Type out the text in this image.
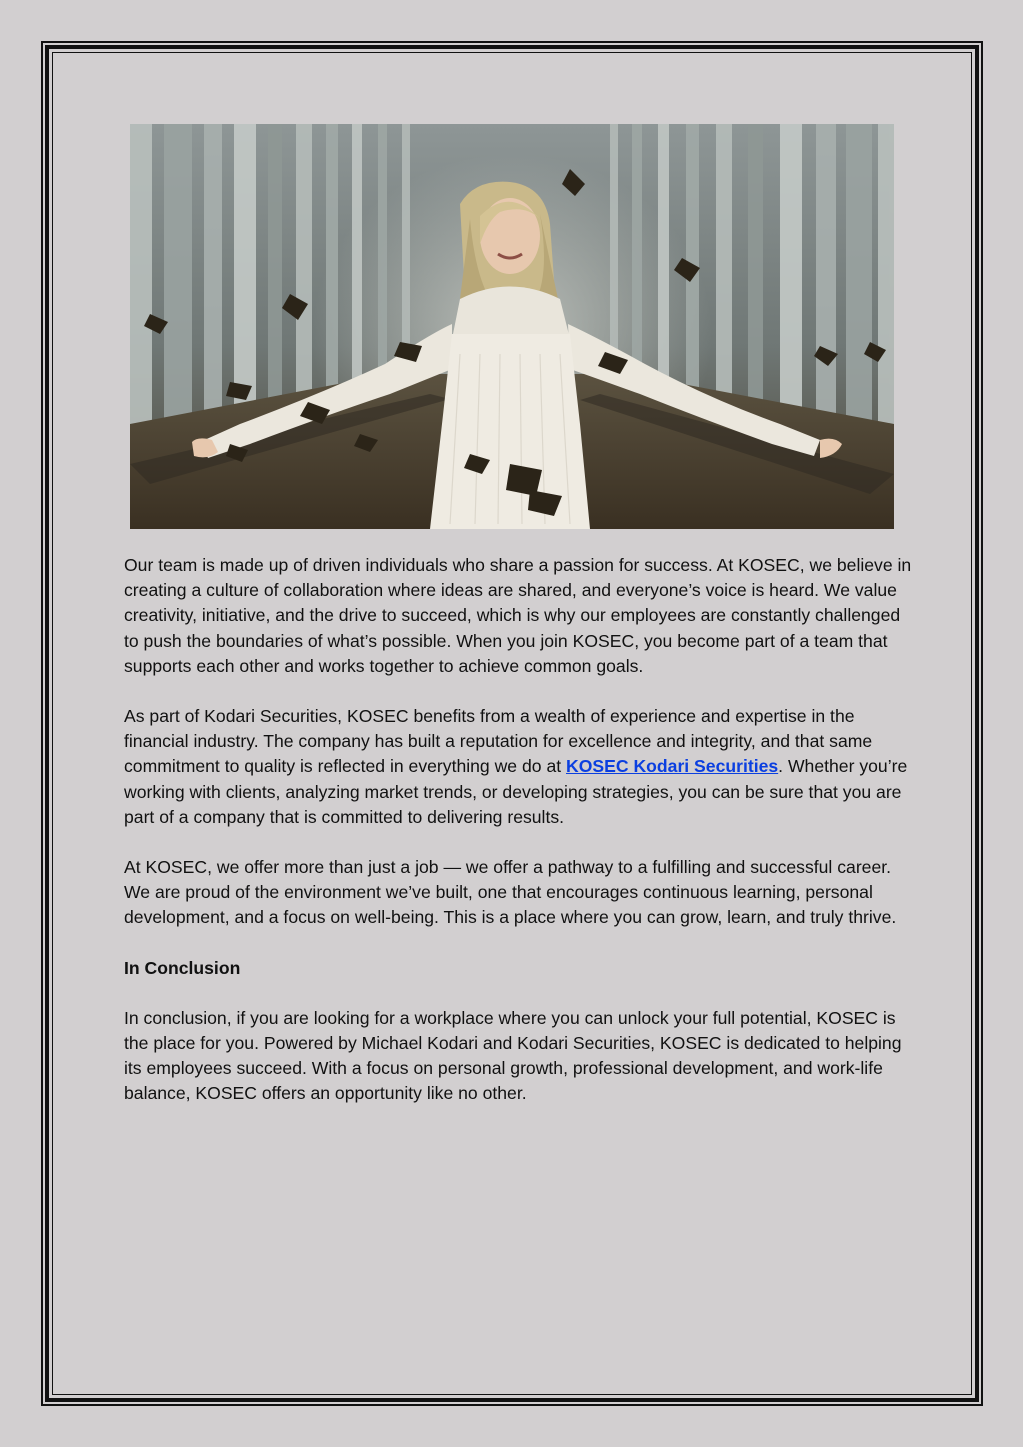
Our team is made up of driven individuals who share a passion for success. At KOSEC, we believe in creating a culture of collaboration where ideas are shared, and everyone’s voice is heard. We value creativity, initiative, and the drive to succeed, which is why our employees are constantly challenged to push the boundaries of what’s possible. When you join KOSEC, you become part of a team that supports each other and works together to achieve common goals.

As part of Kodari Securities, KOSEC benefits from a wealth of experience and expertise in the financial industry. The company has built a reputation for excellence and integrity, and that same commitment to quality is reflected in everything we do at KOSEC Kodari Securities. Whether you’re working with clients, analyzing market trends, or developing strategies, you can be sure that you are part of a company that is committed to delivering results.

At KOSEC, we offer more than just a job — we offer a pathway to a fulfilling and successful career. We are proud of the environment we’ve built, one that encourages continuous learning, personal development, and a focus on well-being. This is a place where you can grow, learn, and truly thrive.

In Conclusion

In conclusion, if you are looking for a workplace where you can unlock your full potential, KOSEC is the place for you. Powered by Michael Kodari and Kodari Securities, KOSEC is dedicated to helping its employees succeed. With a focus on personal growth, professional development, and work-life balance, KOSEC offers an opportunity like no other.
